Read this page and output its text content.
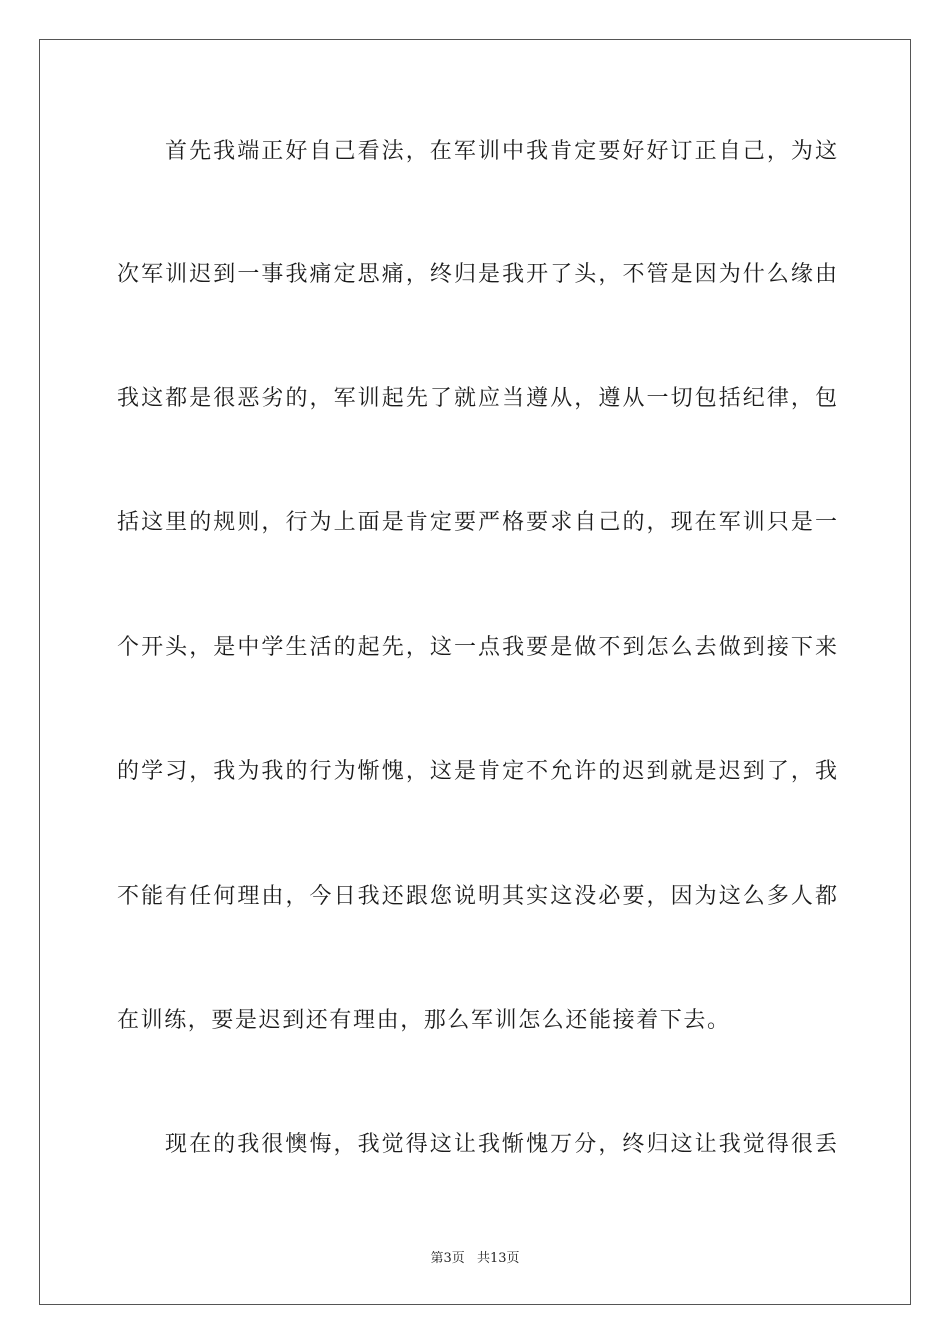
首先我端正好自己看法，在军训中我肯定要好好订正自己，为这
次军训迟到一事我痛定思痛，终归是我开了头，不管是因为什么缘由
我这都是很恶劣的，军训起先了就应当遵从，遵从一切包括纪律，包
括这里的规则，行为上面是肯定要严格要求自己的，现在军训只是一
个开头，是中学生活的起先，这一点我要是做不到怎么去做到接下来
的学习，我为我的行为惭愧，这是肯定不允许的迟到就是迟到了，我
不能有任何理由，今日我还跟您说明其实这没必要，因为这么多人都
在训练，要是迟到还有理由，那么军训怎么还能接着下去。
现在的我很懊悔，我觉得这让我惭愧万分，终归这让我觉得很丢
第3页 共13页
